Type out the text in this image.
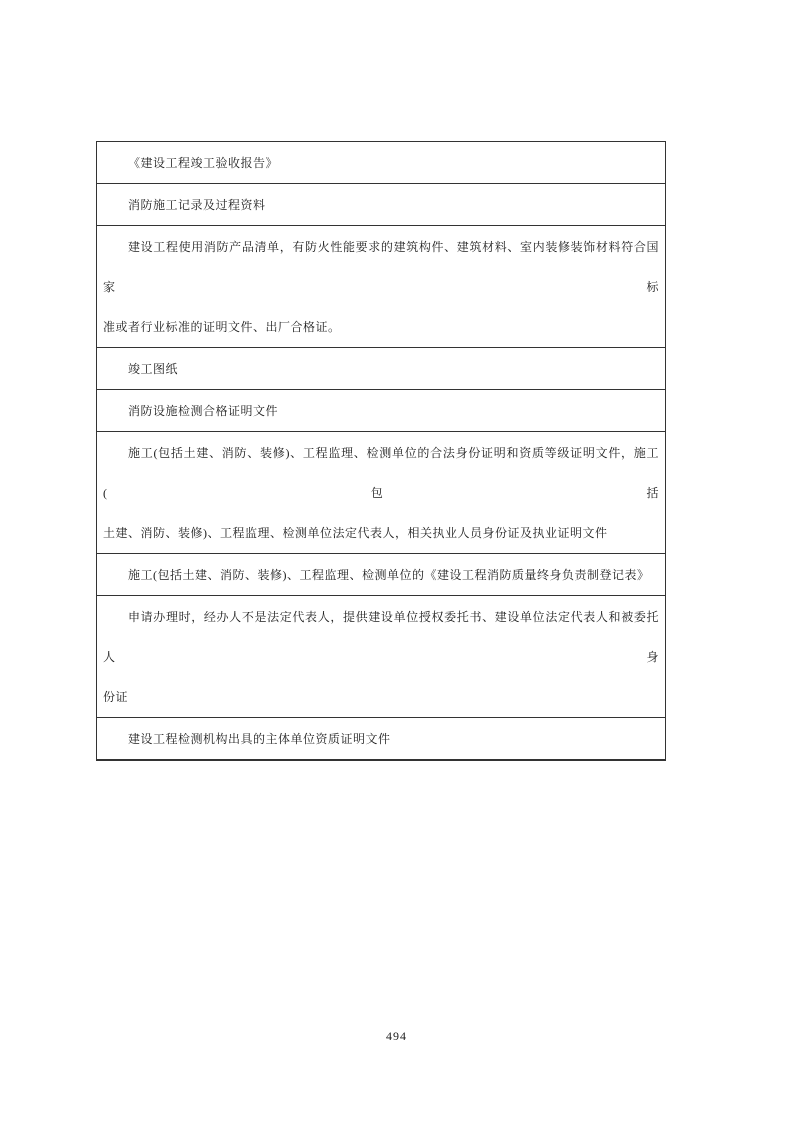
《建设工程竣工验收报告》
消防施工记录及过程资料
建设工程使用消防产品清单，有防火性能要求的建筑构件、建筑材料、室内装修装饰材料符合国家标
准或者行业标准的证明文件、出厂合格证。
竣工图纸
消防设施检测合格证明文件
施工(包括土建、消防、装修)、工程监理、检测单位的合法身份证明和资质等级证明文件，施工(包括
土建、消防、装修)、工程监理、检测单位法定代表人，相关执业人员身份证及执业证明文件
施工(包括土建、消防、装修)、工程监理、检测单位的《建设工程消防质量终身负责制登记表》
申请办理时，经办人不是法定代表人，提供建设单位授权委托书、建设单位法定代表人和被委托人身
份证
建设工程检测机构出具的主体单位资质证明文件
494
